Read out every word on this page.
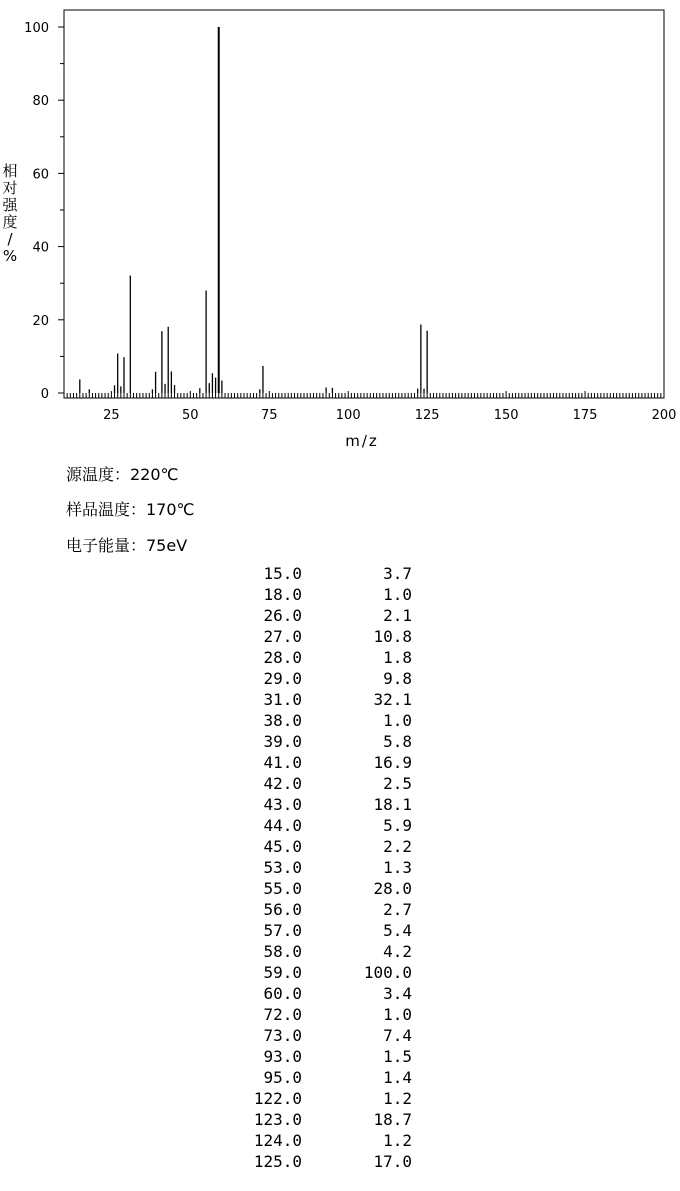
25	50	75	100	125	150	175	200
0
20
40
60
80
100
m/z
相
对
强
度
/
%
源温度：220℃
样品温度：170℃
电子能量：75eV
15.0	3.7
18.0	1.0
26.0	2.1
27.0	10.8
28.0	1.8
29.0	9.8
31.0	32.1
38.0	1.0
39.0	5.8
41.0	16.9
42.0	2.5
43.0	18.1
44.0	5.9
45.0	2.2
53.0	1.3
55.0	28.0
56.0	2.7
57.0	5.4
58.0	4.2
59.0	100.0
60.0	3.4
72.0	1.0
73.0	7.4
93.0	1.5
95.0	1.4
122.0	1.2
123.0	18.7
124.0	1.2
125.0	17.0
